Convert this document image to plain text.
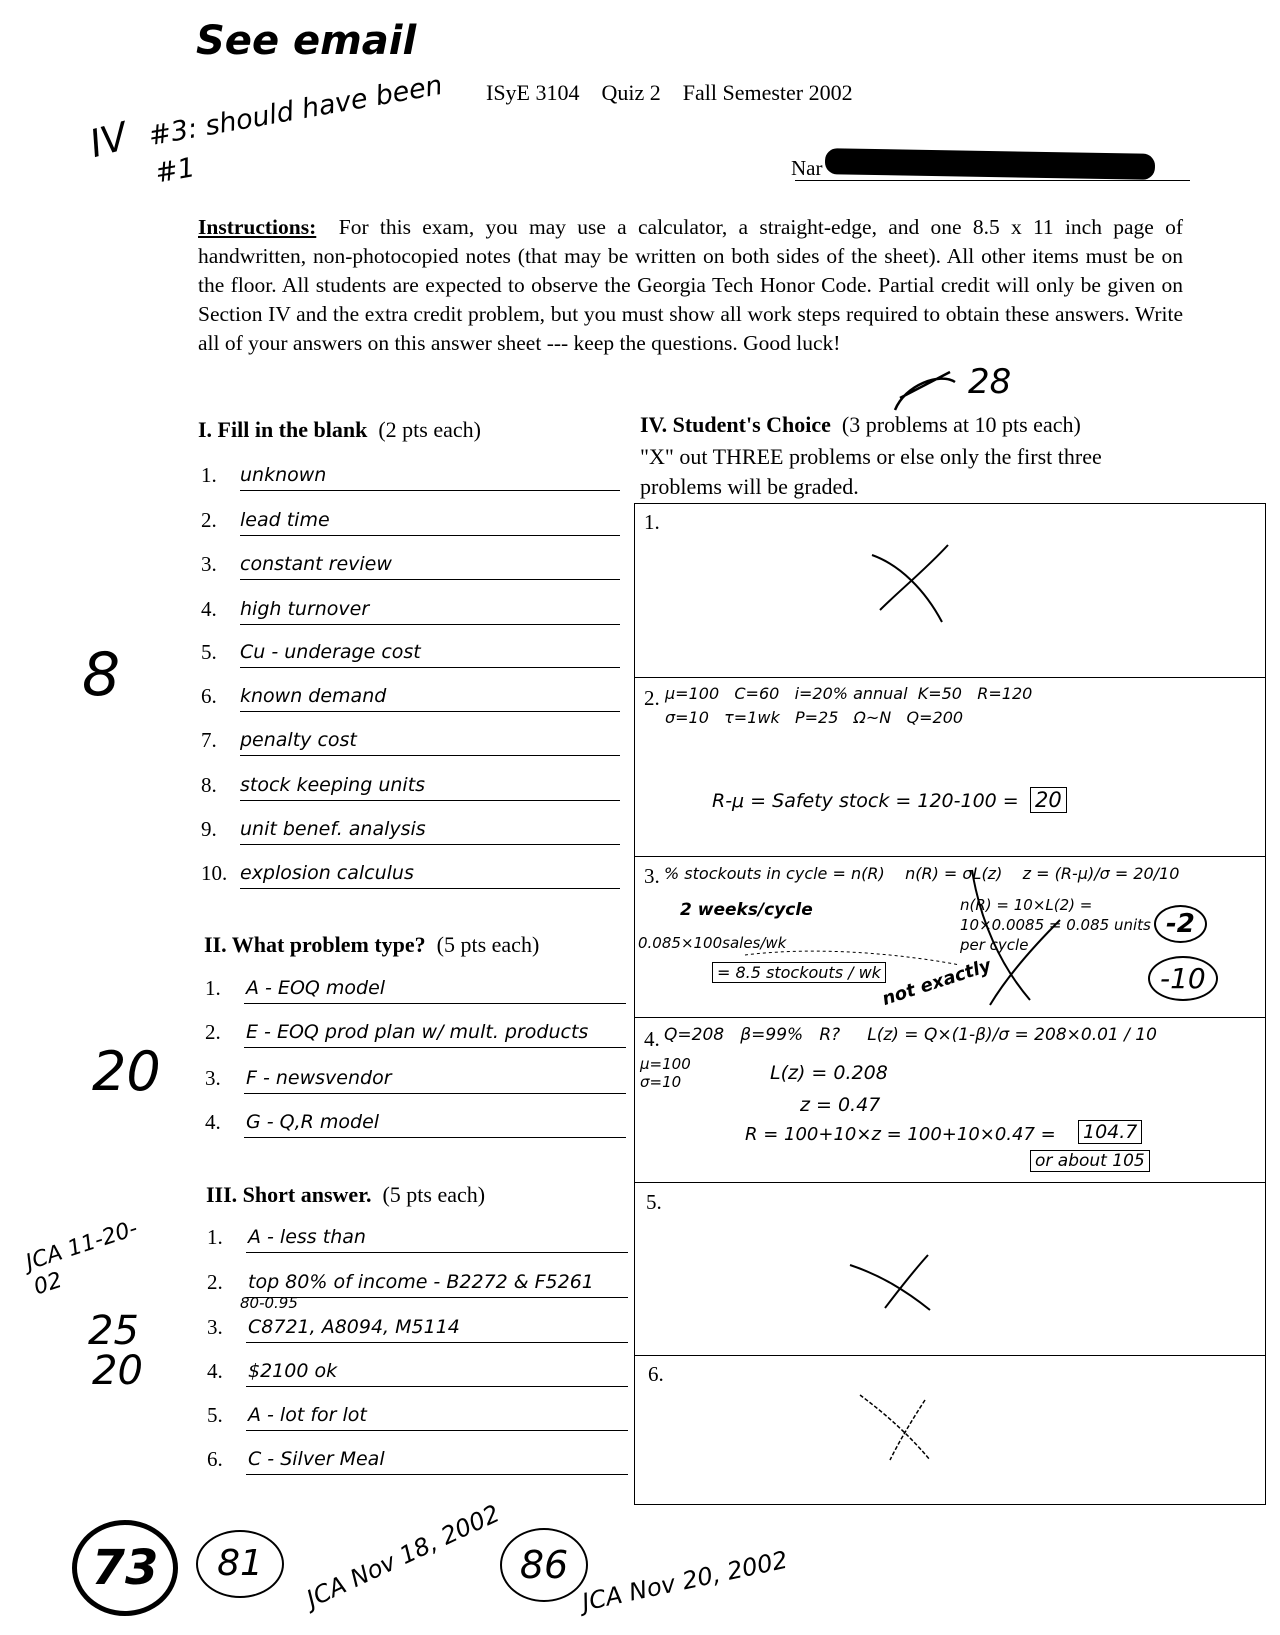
See email
IV #3: should have been #1
ISyE 3104 Quiz 2 Fall Semester 2002
Nar
Instructions: For this exam, you may use a calculator, a straight-edge, and one 8.5 x 11 inch page of handwritten, non-photocopied notes (that may be written on both sides of the sheet). All other items must be on the floor. All students are expected to observe the Georgia Tech Honor Code. Partial credit will only be given on Section IV and the extra credit problem, but you must show all work steps required to obtain these answers. Write all of your answers on this answer sheet --- keep the questions. Good luck!
28
I. Fill in the blank (2 pts each)
1. unknown
2. lead time
3. constant review
4. high turnover
5. Cu - underage cost
6. known demand
7. penalty cost
8. stock keeping units
9. unit benef. analysis
10. explosion calculus
8
II. What problem type? (5 pts each)
1. A - EOQ model
2. E - EOQ prod plan w/ mult. products
3. F - newsvendor
4. G - Q,R model
20
III. Short answer. (5 pts each)
1. A - less than
2. top 80% of income - B2272 & F5261
3. C8721, A8094, M5114
4. $2100 ok
5. A - lot for lot
6. C - Silver Meal
80-0.95
JCA 11-20-02
25
20
IV. Student's Choice (3 problems at 10 pts each)
"X" out THREE problems or else only the first three problems will be graded.
1.
2. μ=100   C=60   i=20% annual  K=50   R=120
σ=10   τ=1wk   P=25   Ω~N   Q=200
R-μ = Safety stock = 120-100 = 20
3. % stockouts in cycle = n(R)    n(R) = σL(z)    z = (R-μ)/σ = 20/10
2 weeks/cycle	n(R) = 10×L(2) = 10×0.0085 = 0.085 units per cycle
0.085×100sales/wk
= 8.5 stockouts / wk
not exactly
-2
-10
4. Q=208   β=99%   R?     L(z) = Q×(1-β)/σ = 208×0.01 / 10
μ=100 σ=10	L(z) = 0.208
z = 0.47
R = 100+10×z = 100+10×0.47 = 104.7
or about 105
5.
6.
73	81	JCA Nov 18, 2002 86 JCA Nov 20, 2002
